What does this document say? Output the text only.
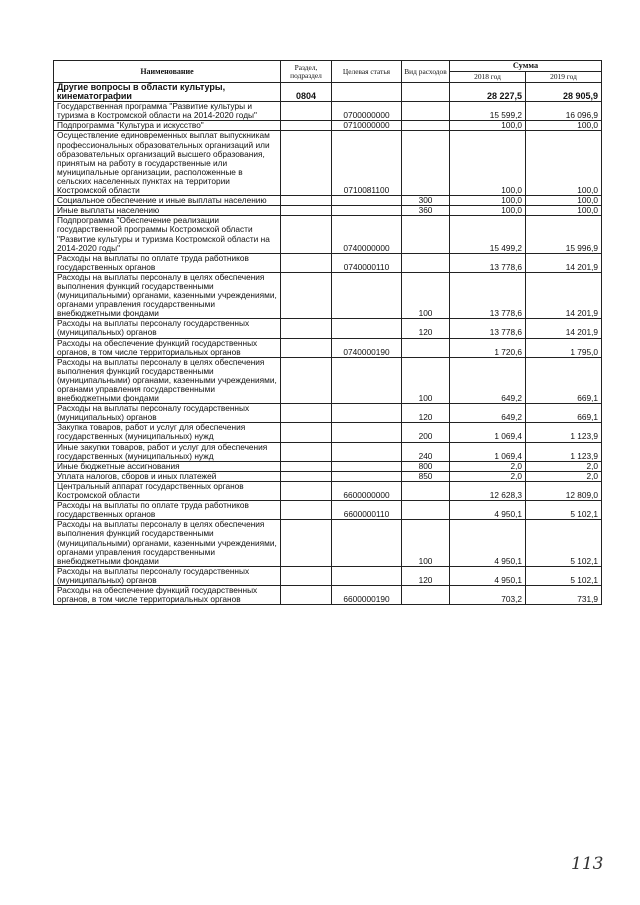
Наименование	Раздел, подраздел	Целевая статья	Вид расходов	Сумма	
				2018 год	2019 год
Другие вопросы в области культуры, кинематографии	0804			28 227,5	28 905,9
Государственная программа "Развитие культуры и туризма в Костромской области на 2014-2020 годы"		0700000000		15 599,2	16 096,9
Подпрограмма "Культура и искусство"		0710000000		100,0	100,0
Осуществление единовременных выплат выпускникам профессиональных образовательных организаций или образовательных организаций высшего образования, принятым на работу в государственные или муниципальные организации, расположенные в сельских населенных пунктах на территории Костромской области		0710081100		100,0	100,0
Социальное обеспечение и иные выплаты населению			300	100,0	100,0
Иные выплаты населению			360	100,0	100,0
Подпрограмма "Обеспечение реализации государственной программы Костромской области "Развитие культуры и туризма Костромской области на 2014-2020 годы"		0740000000		15 499,2	15 996,9
Расходы на выплаты по оплате труда работников государственных органов		0740000110		13 778,6	14 201,9
Расходы на выплаты персоналу в целях обеспечения выполнения функций государственными (муниципальными) органами, казенными учреждениями, органами управления государственными внебюджетными фондами			100	13 778,6	14 201,9
Расходы на выплаты персоналу государственных (муниципальных) органов			120	13 778,6	14 201,9
Расходы на обеспечение функций государственных органов, в том числе территориальных органов		0740000190		1 720,6	1 795,0
Расходы на выплаты персоналу в целях обеспечения выполнения функций государственными (муниципальными) органами, казенными учреждениями, органами управления государственными внебюджетными фондами			100	649,2	669,1
Расходы на выплаты персоналу государственных (муниципальных) органов			120	649,2	669,1
Закупка товаров, работ и услуг для обеспечения государственных (муниципальных) нужд			200	1 069,4	1 123,9
Иные закупки товаров, работ и услуг для обеспечения государственных (муниципальных) нужд			240	1 069,4	1 123,9
Иные бюджетные ассигнования			800	2,0	2,0
Уплата налогов, сборов и иных платежей			850	2,0	2,0
Центральный аппарат государственных органов Костромской области		6600000000		12 628,3	12 809,0
Расходы на выплаты по оплате труда работников государственных органов		6600000110		4 950,1	5 102,1
Расходы на выплаты персоналу в целях обеспечения выполнения функций государственными (муниципальными) органами, казенными учреждениями, органами управления государственными внебюджетными фондами			100	4 950,1	5 102,1
Расходы на выплаты персоналу государственных (муниципальных) органов			120	4 950,1	5 102,1
Расходы на обеспечение функций государственных органов, в том числе территориальных органов		6600000190		703,2	731,9
113
